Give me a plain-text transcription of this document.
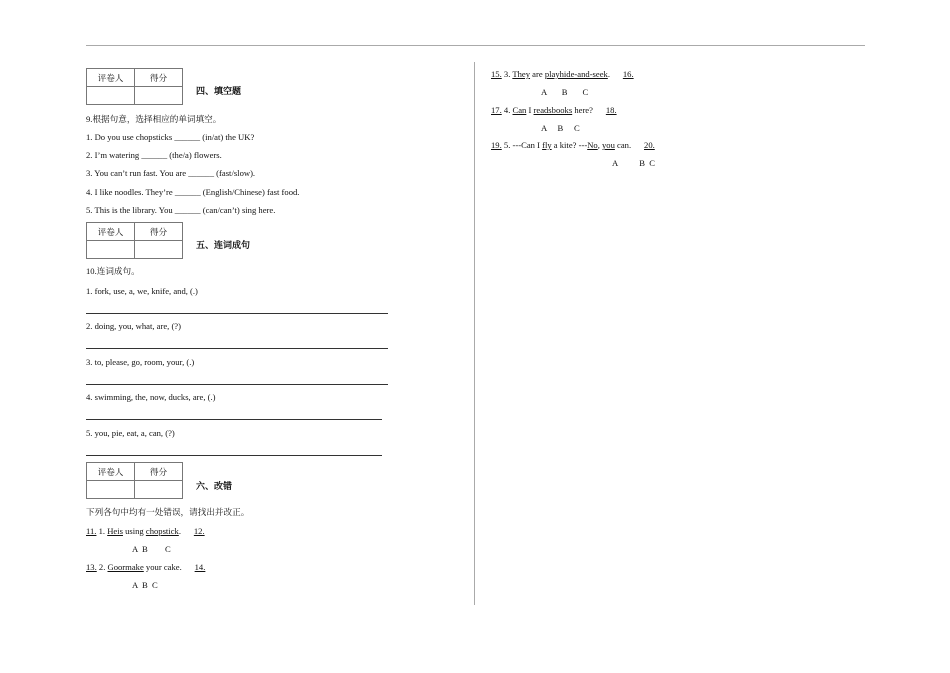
评卷人	得分

四、填空题
9.根据句意，选择相应的单词填空。
1. Do you use chopsticks ______ (in/at) the UK?
2. I’m watering ______ (the/a) flowers.
3. You can’t run fast. You are ______ (fast/slow).
4. I like noodles. They’re ______ (English/Chinese) fast food.
5. This is the library. You ______ (can/can’t) sing here.
评卷人	得分

五、连词成句
10.连词成句。
1. fork, use, a, we, knife, and, (.)
2. doing, you, what, are, (?)
3. to, please, go, room, your, (.)
4. swimming, the, now, ducks, are, (.)
5. you, pie, eat, a, can, (?)
评卷人	得分

六、改错
下列各句中均有一处错误，请找出并改正。
11. 1. Heis using chopstick. 12.
A  B        C
13. 2. Goormake your cake. 14.
A  B  C
15. 3. They are playhide-and-seek. 16.
A       B       C
17. 4. Can I readsbooks here? 18.
A     B     C
19. 5. ---Can I fly a kite? ---No, you can. 20.
A          B  C
